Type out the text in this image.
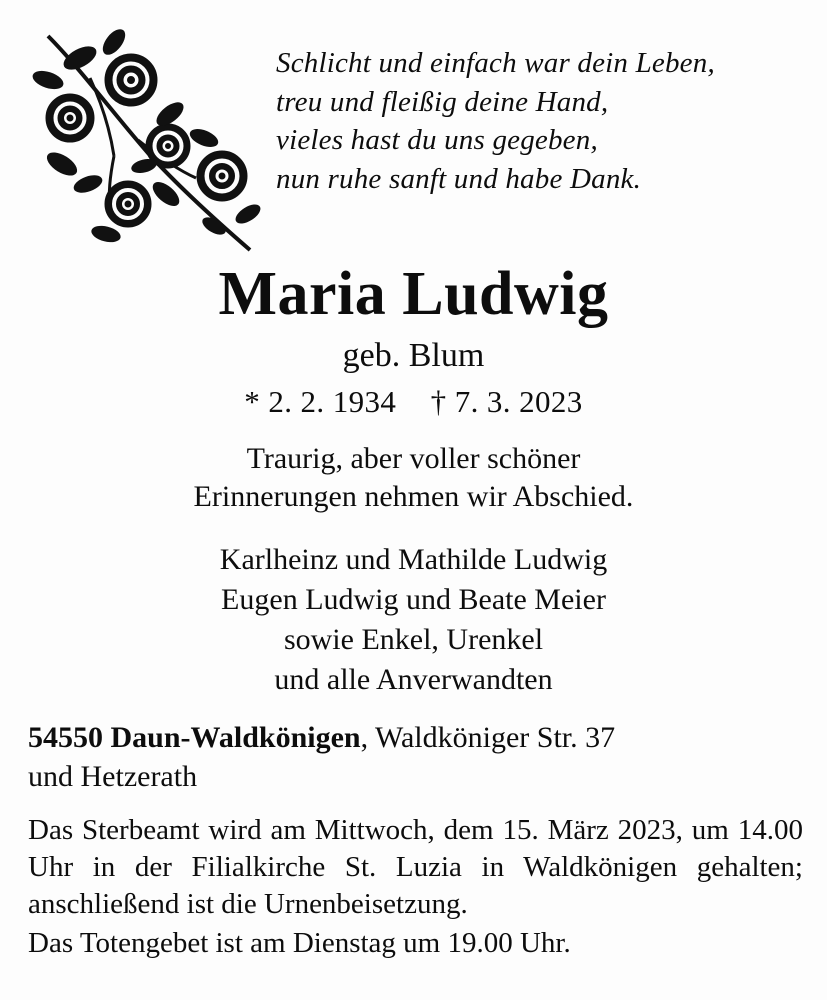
Schlicht und einfach war dein Leben,
treu und fleißig deine Hand,
vieles hast du uns gegeben,
nun ruhe sanft und habe Dank.
Maria Ludwig
geb. Blum
* 2. 2. 1934 † 7. 3. 2023
Traurig, aber voller schöner
Erinnerungen nehmen wir Abschied.
Karlheinz und Mathilde Ludwig
Eugen Ludwig und Beate Meier
sowie Enkel, Urenkel
und alle Anverwandten
54550 Daun-Waldkönigen, Waldköniger Str. 37
und Hetzerath
Das Sterbeamt wird am Mittwoch, dem 15. März 2023, um 14.00 Uhr in der Filialkirche St. Luzia in Waldkönigen gehalten; anschließend ist die Urnenbeisetzung.
Das Totengebet ist am Dienstag um 19.00 Uhr.
